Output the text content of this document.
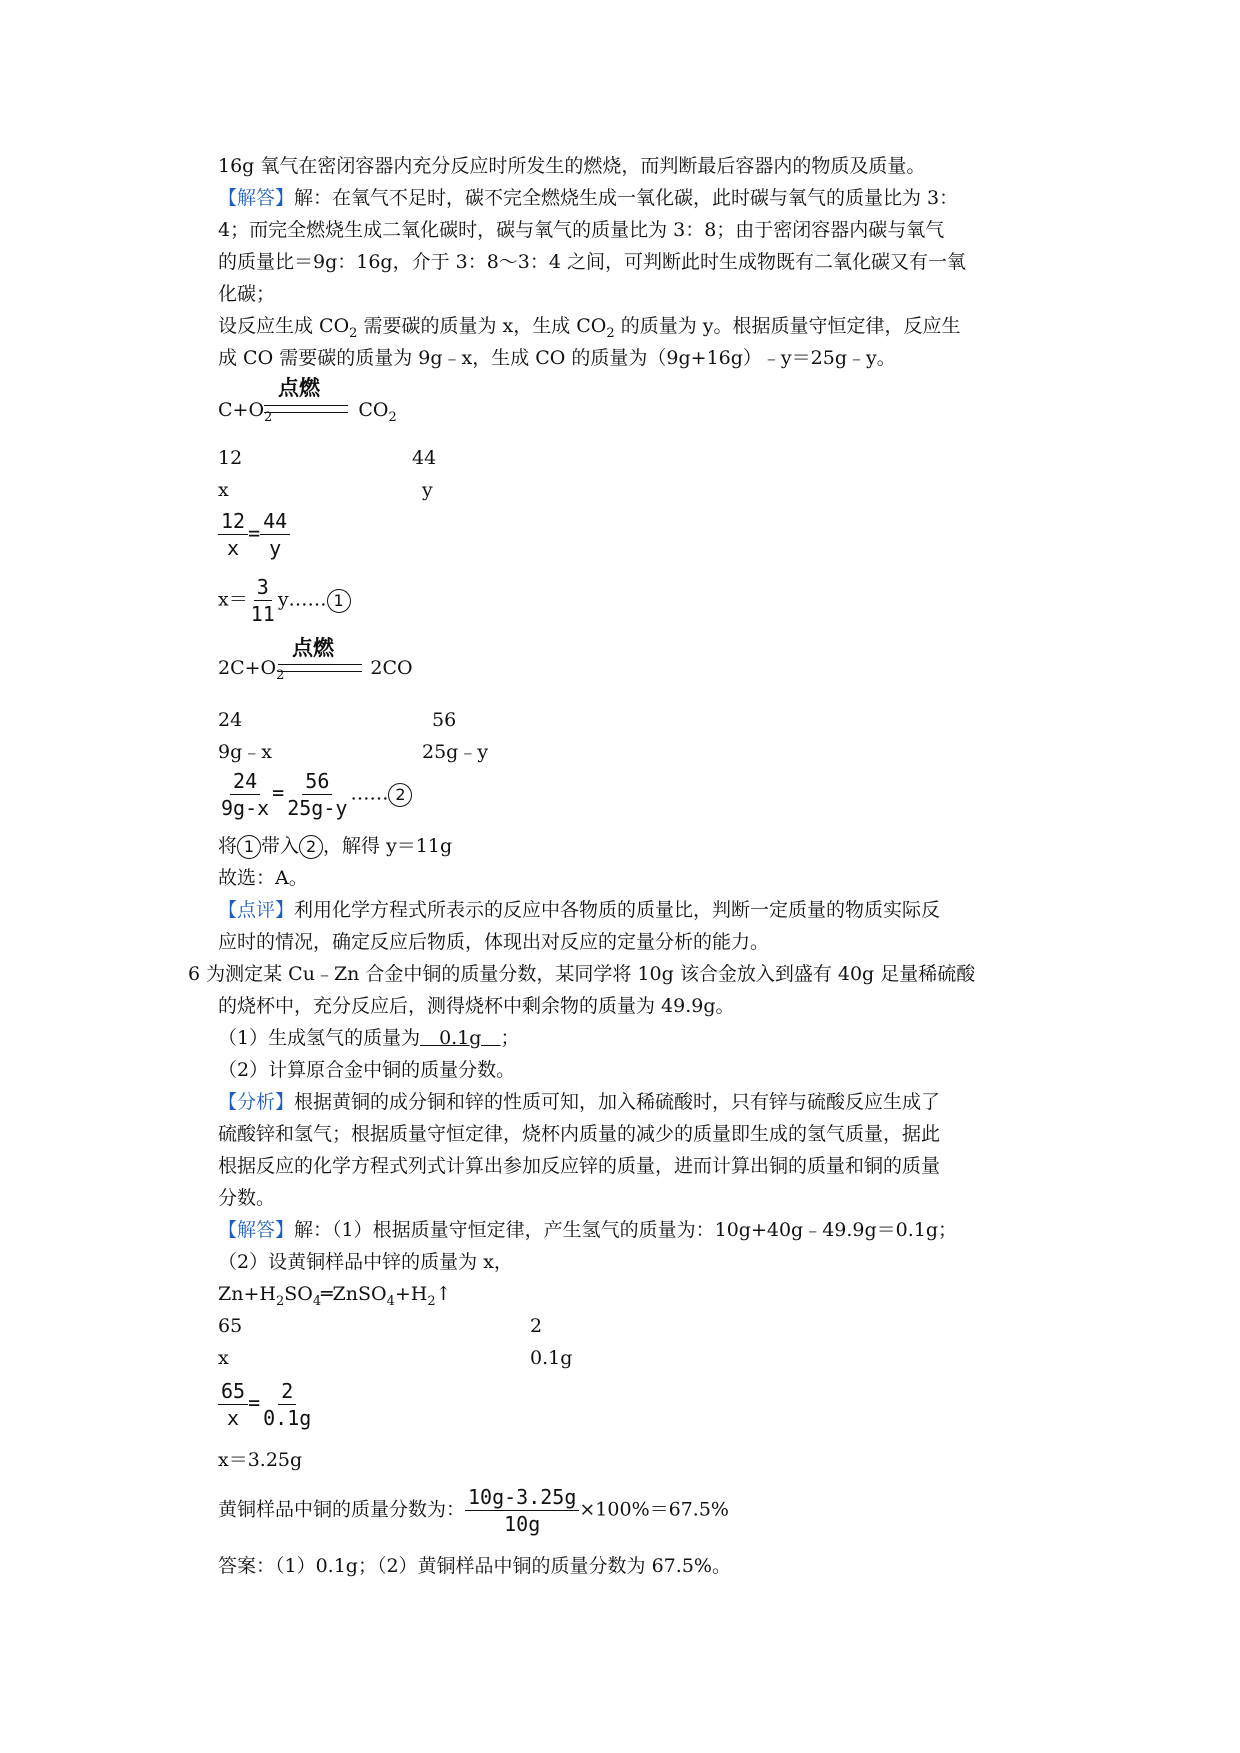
16g 氧气在密闭容器内充分反应时所发生的燃烧，而判断最后容器内的物质及质量。
【解答】解：在氧气不足时，碳不完全燃烧生成一氧化碳，此时碳与氧气的质量比为 3：
4；而完全燃烧生成二氧化碳时，碳与氧气的质量比为 3：8；由于密闭容器内碳与氧气
的质量比＝9g：16g，介于 3：8～3：4 之间，可判断此时生成物既有二氧化碳又有一氧
化碳；
设反应生成 $CO_2$ 需要碳的质量为 x，生成 $CO_2$ 的质量为 y。根据质量守恒定律，反应生
成 CO 需要碳的质量为 9g﹣x，生成 CO 的质量为（9g+16g）﹣y＝25g﹣y。
$C+O_2$	$CO_2$
点燃
12	44
x	y
$\frac{12}{x} = \frac{44}{y}$
$x= \frac{3}{11}$ y…… 1
$2C+O_2$	2CO
点燃
24	56
9g﹣x	25g﹣y
$\frac{24}{9g-x} = \frac{56}{25g-y}$ …… 2
将 1 带入 2 ，解得 y＝11g
故选：A。
【点评】利用化学方程式所表示的反应中各物质的质量比，判断一定质量的物质实际反
应时的情况，确定反应后物质，体现出对反应的定量分析的能力。
6 为测定某 Cu﹣Zn 合金中铜的质量分数，某同学将 10g 该合金放入到盛有 40g 足量稀硫酸
的烧杯中，充分反应后，测得烧杯中剩余物的质量为 49.9g。
（1）生成氢气的质量为　0.1g　；
（2）计算原合金中铜的质量分数。
【分析】根据黄铜的成分铜和锌的性质可知，加入稀硫酸时，只有锌与硫酸反应生成了
硫酸锌和氢气；根据质量守恒定律，烧杯内质量的减少的质量即生成的氢气质量，据此
根据反应的化学方程式列式计算出参加反应锌的质量，进而计算出铜的质量和铜的质量
分数。
【解答】解：（1）根据质量守恒定律，产生氢气的质量为：10g+40g﹣49.9g＝0.1g；
（2）设黄铜样品中锌的质量为 x，
$Zn+H_2SO_4═ZnSO_4+H_2↑$
65	2
x	0.1g
$\frac{65}{x} = \frac{2}{0.1g}$
x＝3.25g
黄铜样品中铜的质量分数为： $\frac{10g-3.25g}{10g} \times 100\%=67.5\%$
答案：（1）0.1g；（2）黄铜样品中铜的质量分数为 67.5%。
